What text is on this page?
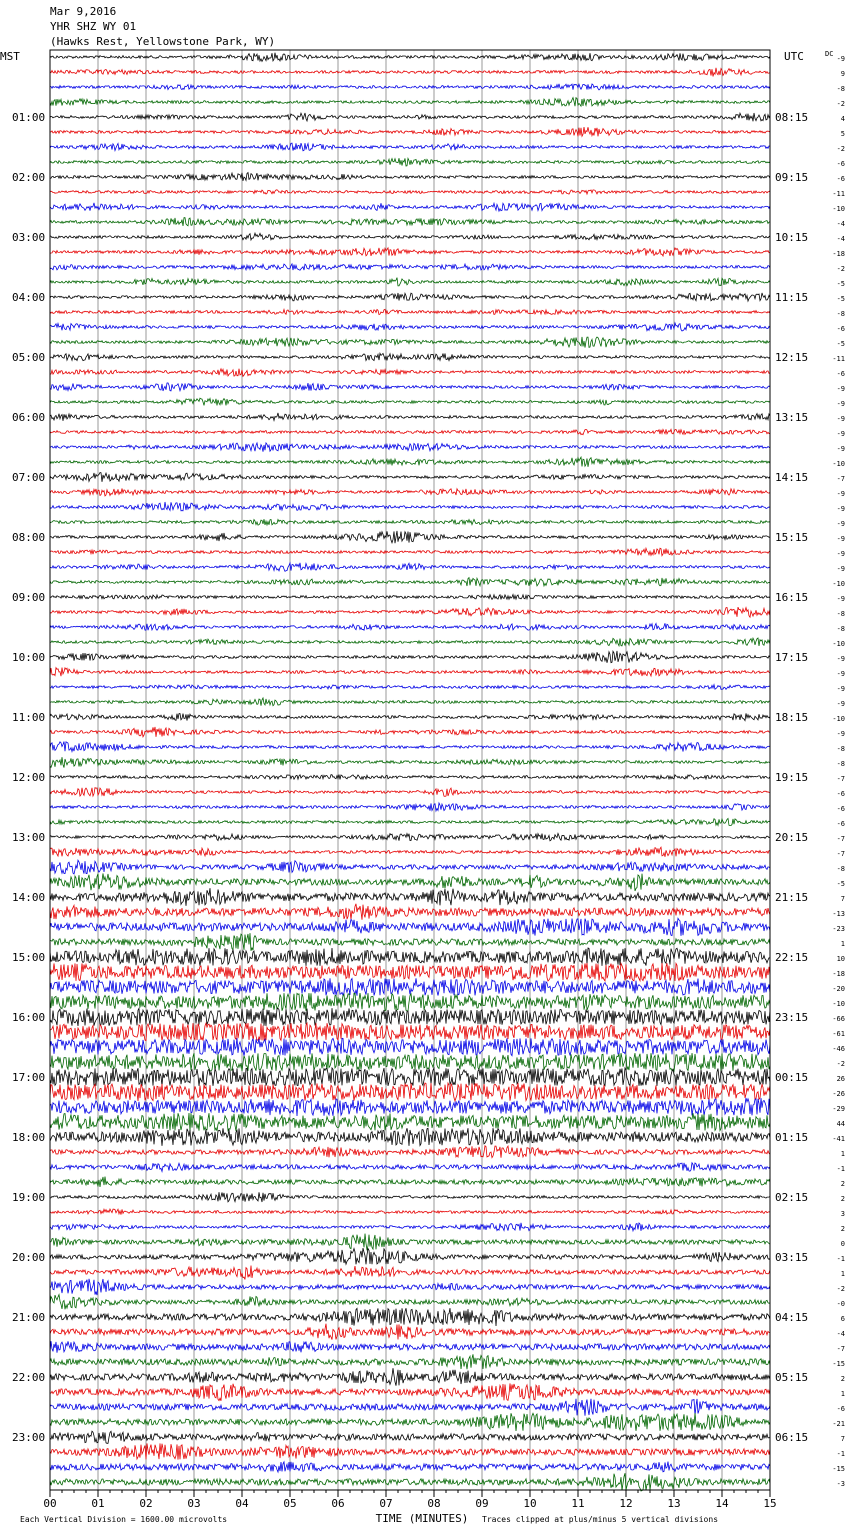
Mar 9,2016
YHR SHZ WY 01
(Hawks Rest, Yellowstone Park, WY)
00	01	02	03	04	05	06	07	08	09	10	11	12	13	14	15
MST	UTC	DC
01:00	08:15
02:00	09:15
03:00	10:15
04:00	11:15
05:00	12:15
06:00	13:15
07:00	14:15
08:00	15:15
09:00	16:15
10:00	17:15
11:00	18:15
12:00	19:15
13:00	20:15
14:00	21:15
15:00	22:15
16:00	23:15
17:00	00:15
18:00	01:15
19:00	02:15
20:00	03:15
21:00	04:15
22:00	05:15
23:00	06:15
-9
9
-8
-2
4
5
-2
-6
-6
-11
-10
-4
-4
-18
-2
-5
-5
-8
-6
-5
-11
-6
-9
-9
-9
-9
-9
-10
-7
-9
-9
-9
-9
-9
-9
-10
-9
-8
-8
-10
-9
-9
-9
-9
-10
-9
-8
-8
-7
-6
-6
-6
-7
-7
-8
-5
7
-13
-23
1
10
-18
-20
-10
-66
-61
-46
-2
26
-26
-29
44
-41
1
-1
2
2
3
2
0
-1
1
-2
-0
6
-4
-7
-15
2
1
-6
-21
7
-1
-15
-3
TIME (MINUTES)
Each Vertical Division = 1600.00 microvolts	Traces clipped at plus/minus 5 vertical divisions
